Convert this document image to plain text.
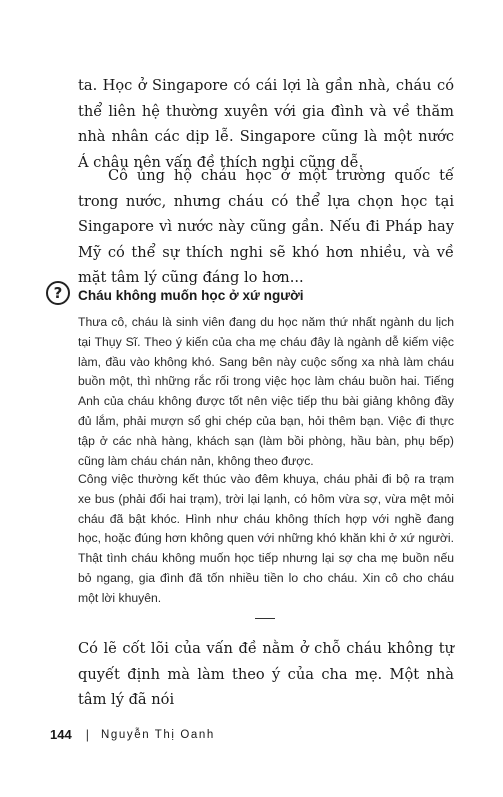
ta. Học ở Singapore có cái lợi là gần nhà, cháu có thể liên hệ thường xuyên với gia đình và về thăm nhà nhân các dịp lễ. Singapore cũng là một nước Á châu nên vấn đề thích nghi cũng dễ.

Cô ủng hộ cháu học ở một trường quốc tế trong nước, nhưng cháu có thể lựa chọn học tại Singapore vì nước này cũng gần. Nếu đi Pháp hay Mỹ có thể sự thích nghi sẽ khó hơn nhiều, và về mặt tâm lý cũng đáng lo hơn...

?	Cháu không muốn học ở xứ người

Thưa cô, cháu là sinh viên đang du học năm thứ nhất ngành du lịch tại Thụy Sĩ. Theo ý kiến của cha mẹ cháu đây là ngành dễ kiếm việc làm, đầu vào không khó. Sang bên này cuộc sống xa nhà làm cháu buồn một, thì những rắc rối trong việc học làm cháu buồn hai. Tiếng Anh của cháu không được tốt nên việc tiếp thu bài giảng không đầy đủ lắm, phải mượn sổ ghi chép của bạn, hỏi thêm bạn. Việc đi thực tập ở các nhà hàng, khách sạn (làm bồi phòng, hầu bàn, phụ bếp) cũng làm cháu chán nản, không theo được.

Công việc thường kết thúc vào đêm khuya, cháu phải đi bộ ra trạm xe bus (phải đổi hai trạm), trời lại lạnh, có hôm vừa sợ, vừa mệt mỏi cháu đã bật khóc. Hình như cháu không thích hợp với nghề đang học, hoặc đúng hơn không quen với những khó khăn khi ở xứ người. Thật tình cháu không muốn học tiếp nhưng lại sợ cha mẹ buồn nếu bỏ ngang, gia đình đã tốn nhiều tiền lo cho cháu. Xin cô cho cháu một lời khuyên.

Có lẽ cốt lõi của vấn đề nằm ở chỗ cháu không tự quyết định mà làm theo ý của cha mẹ. Một nhà tâm lý đã nói

144 | Nguyễn Thị Oanh
